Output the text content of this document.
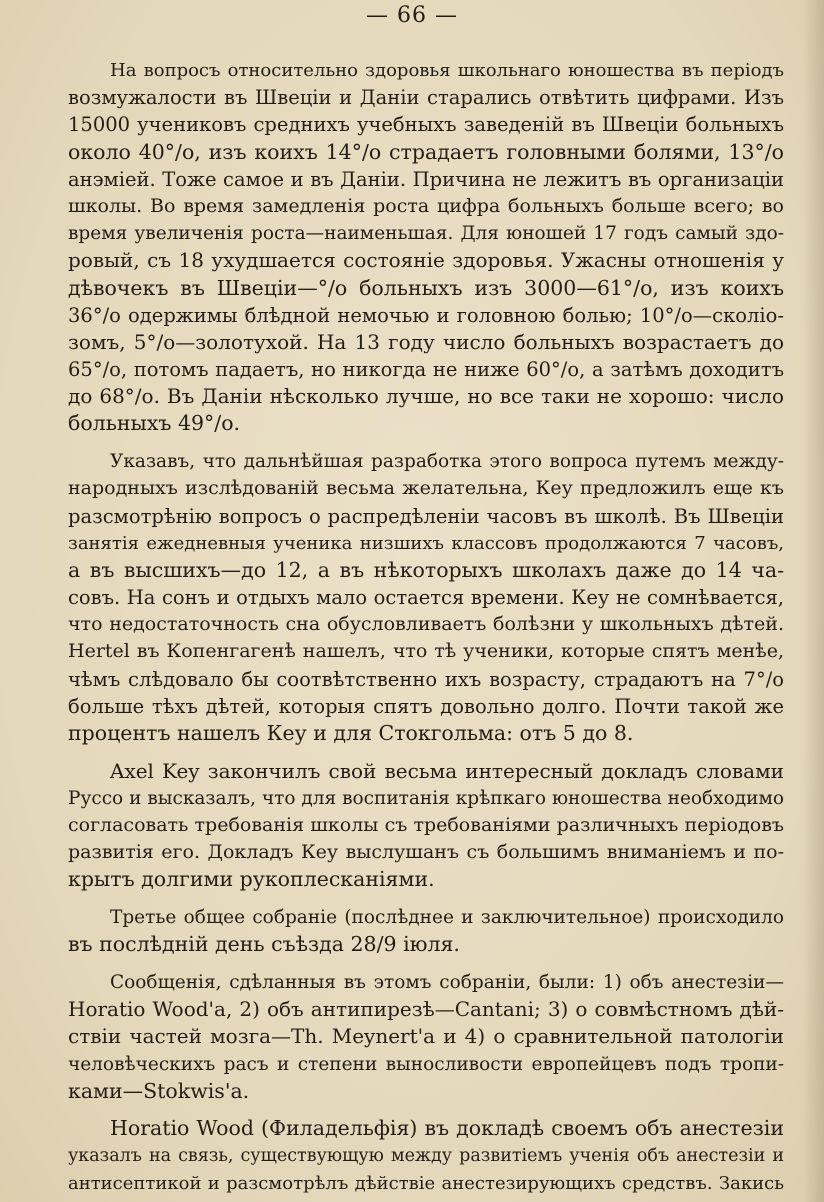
— 66 —
На вопросъ относительно здоровья школьнаго юношества въ періодъ
возмужалости въ Швеціи и Даніи старались отвѣтить цифрами. Изъ
15000 учениковъ среднихъ учебныхъ заведеній въ Швеціи больныхъ
около 40°/о, изъ коихъ 14°/о страдаетъ головными болями, 13°/о
анэміей. Тоже самое и въ Даніи. Причина не лежитъ въ организаціи
школы. Во время замедленія роста цифра больныхъ больше всего; во
время увеличенія роста—наименьшая. Для юношей 17 годъ самый здо-
ровый, съ 18 ухудшается состояніе здоровья. Ужасны отношенія у
дѣвочекъ въ Швеціи—°/о больныхъ изъ 3000—61°/о, изъ коихъ
36°/о одержимы блѣдной немочью и головною болью; 10°/о—сколіо-
зомъ, 5°/о—золотухой. На 13 году число больныхъ возрастаетъ до
65°/о, потомъ падаетъ, но никогда не ниже 60°/о, а затѣмъ доходитъ
до 68°/о. Въ Даніи нѣсколько лучше, но все таки не хорошо: число
больныхъ 49°/о.
Указавъ, что дальнѣйшая разработка этого вопроса путемъ между-
народныхъ изслѣдованій весьма желательна, Кеу предложилъ еще къ
разсмотрѣнію вопросъ о распредѣленіи часовъ въ школѣ. Въ Швеціи
занятія ежедневныя ученика низшихъ классовъ продолжаются 7 часовъ,
а въ высшихъ—до 12, а въ нѣкоторыхъ школахъ даже до 14 ча-
совъ. На сонъ и отдыхъ мало остается времени. Кеу не сомнѣвается,
что недостаточность сна обусловливаетъ болѣзни у школьныхъ дѣтей.
Hertel въ Копенгагенѣ нашелъ, что тѣ ученики, которые спятъ менѣе,
чѣмъ слѣдовало бы соотвѣтственно ихъ возрасту, страдаютъ на 7°/о
больше тѣхъ дѣтей, которыя спятъ довольно долго. Почти такой же
процентъ нашелъ Кеу и для Стокгольма: отъ 5 до 8.
Axel Key закончилъ свой весьма интересный докладъ словами
Руссо и высказалъ, что для воспитанія крѣпкаго юношества необходимо
согласовать требованія школы съ требованіями различныхъ періодовъ
развитія его. Докладъ Кеу выслушанъ съ большимъ вниманіемъ и по-
крытъ долгими рукоплесканіями.
Третье общее собраніе (послѣднее и заключительное) происходило
въ послѣдній день съѣзда 28/9 іюля.
Сообщенія, сдѣланныя въ этомъ собраніи, были: 1) объ анестезіи—
Horatio Wood'a, 2) объ антипирезѣ—Cantani; 3) о совмѣстномъ дѣй-
ствіи частей мозга—Th. Meynert'a и 4) о сравнительной патологіи
человѣческихъ расъ и степени выносливости европейцевъ подъ тропи-
ками—Stokwis'a.
Horatio Wood (Филадельфія) въ докладѣ своемъ объ анестезіи
указалъ на связь, существующую между развитіемъ ученія объ анестезіи и
антисептикой и разсмотрѣлъ дѣйствіе анестезирующихъ средствъ. Закись
